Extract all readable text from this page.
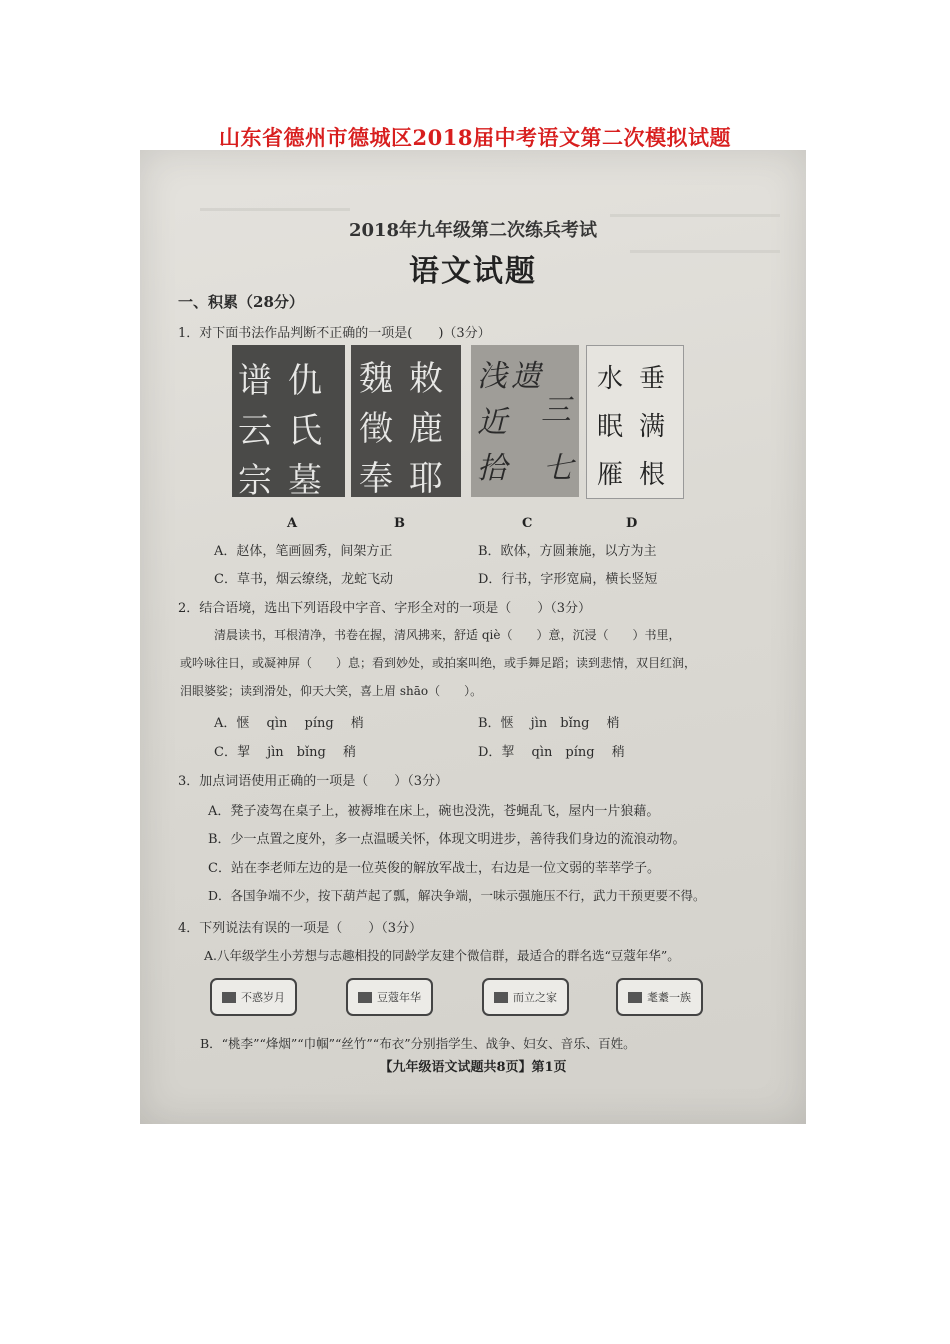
山东省德州市德城区2018届中考语文第二次模拟试题
2018年九年级第二次练兵考试
语文试题
一、积累（28分）
1．对下面书法作品判断不正确的一项是(　　)（3分）
谱
云
宗
仇
氏
墓
魏
徵
奉
敕
鹿
耶
浅
近
拾
遗
三
七
垂
满
根
水
眠
雁
A	B	C	D
A．赵体，笔画圆秀，间架方正	B．欧体，方圆兼施，以方为主
C．草书，烟云缭绕，龙蛇飞动	D．行书，字形宽扁，横长竖短
2．结合语境，选出下列语段中字音、字形全对的一项是（　　）（3分）
清晨读书，耳根清净，书卷在握，清风拂来，舒适 qiè（　　）意，沉浸（　　）书里，
或吟咏往日，或凝神屏（　　）息；看到妙处，或拍案叫绝，或手舞足蹈；读到悲情，双目红润，
泪眼婆娑；读到滑处，仰天大笑，喜上眉 shāo（　　）。
A．惬　 qìn　 píng　 梢	B．惬　 jìn　bǐng　 梢
C．挈　 jìn　bǐng　 稍	D．挈　 qìn　píng　 稍
3．加点词语使用正确的一项是（　　）（3分）
A．凳子凌驾在桌子上，被褥堆在床上，碗也没洗，苍蝇乱飞，屋内一片狼藉。
B．少一点置之度外，多一点温暖关怀，体现文明进步，善待我们身边的流浪动物。
C．站在李老师左边的是一位英俊的解放军战士，右边是一位文弱的莘莘学子。
D．各国争端不少，按下葫芦起了瓢，解决争端，一味示强施压不行，武力干预更要不得。
4．下列说法有误的一项是（　　）（3分）
A.八年级学生小芳想与志趣相投的同龄学友建个微信群，最适合的群名选“豆蔻年华”。
不惑岁月	豆蔻年华	而立之家	耄耋一族
B．“桃李”“烽烟”“巾帼”“丝竹”“布衣”分别指学生、战争、妇女、音乐、百姓。
【九年级语文试题共8页】第1页
